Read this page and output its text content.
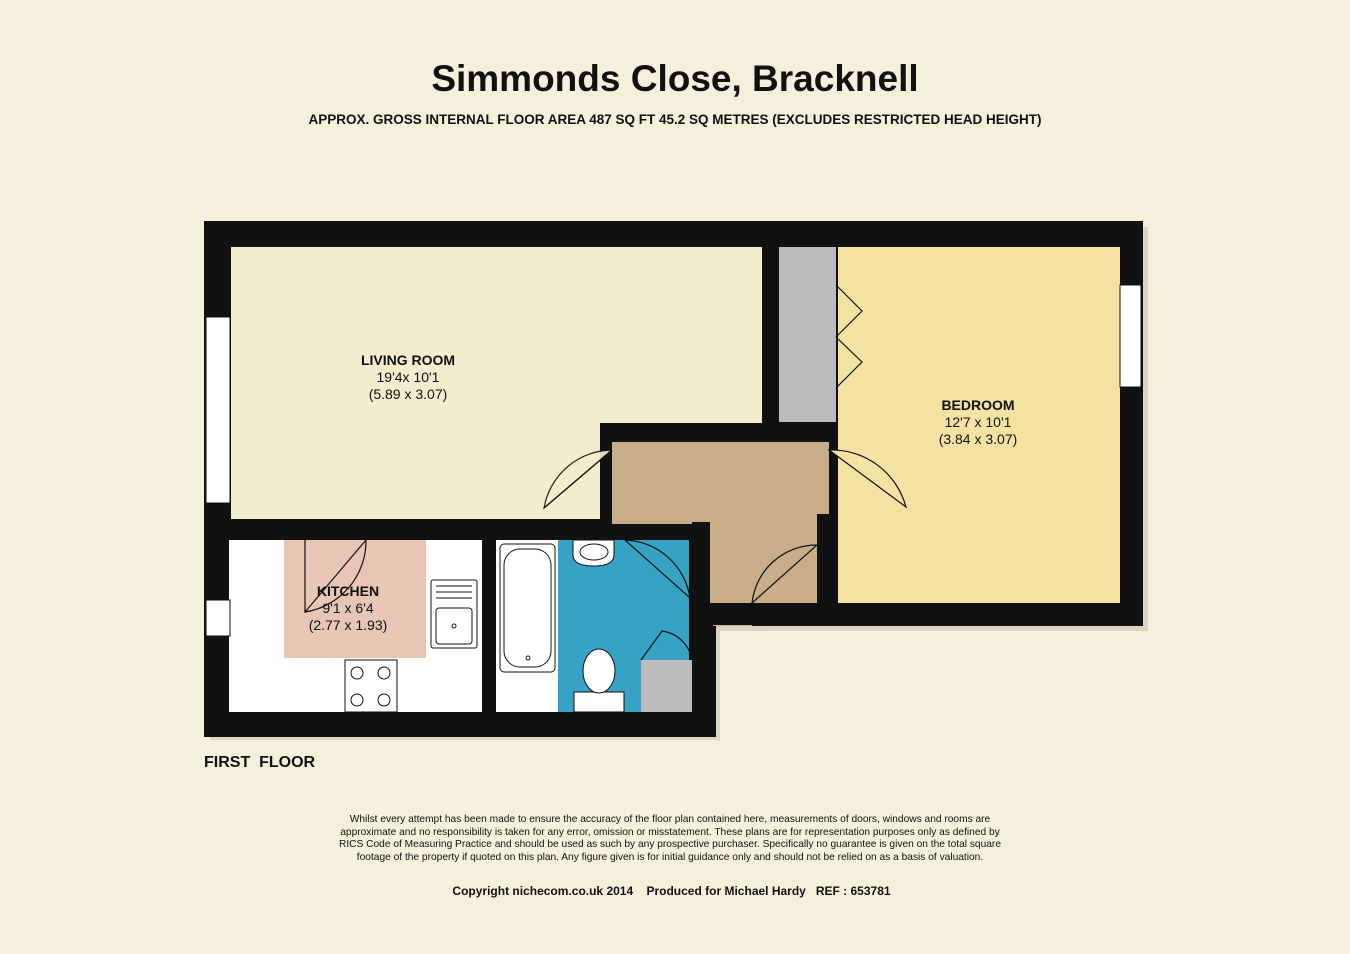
Simmonds Close, Bracknell
APPROX. GROSS INTERNAL FLOOR AREA 487 SQ FT 45.2 SQ METRES (EXCLUDES RESTRICTED HEAD HEIGHT)
LIVING ROOM
19'4x 10'1
(5.89 x 3.07)
BEDROOM
12'7 x 10'1
(3.84 x 3.07)
KITCHEN
9'1 x 6'4
(2.77 x 1.93)
FIRST  FLOOR
Whilst every attempt has been made to ensure the accuracy of the floor plan contained here, measurements of doors, windows and rooms are approximate and no responsibility is taken for any error, omission or misstatement. These plans are for representation purposes only as defined by RICS Code of Measuring Practice and should be used as such by any prospective purchaser. Specifically no guarantee is given on the total square footage of the property if quoted on this plan. Any figure given is for initial guidance only and should not be relied on as a basis of valuation.
Copyright nichecom.co.uk 2014    Produced for Michael Hardy   REF : 653781
